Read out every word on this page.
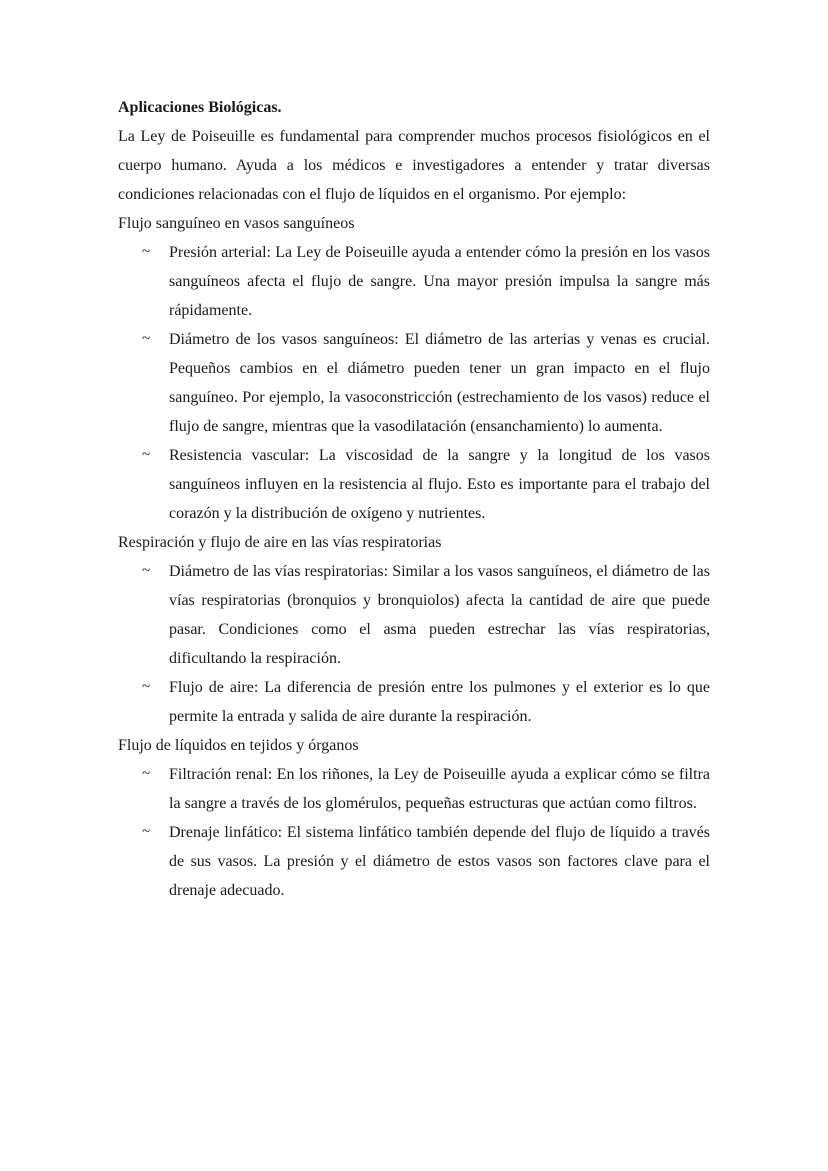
Aplicaciones Biológicas.

La Ley de Poiseuille es fundamental para comprender muchos procesos fisiológicos en el cuerpo humano. Ayuda a los médicos e investigadores a entender y tratar diversas condiciones relacionadas con el flujo de líquidos en el organismo. Por ejemplo:

Flujo sanguíneo en vasos sanguíneos

~ Presión arterial: La Ley de Poiseuille ayuda a entender cómo la presión en los vasos sanguíneos afecta el flujo de sangre. Una mayor presión impulsa la sangre más rápidamente.
~ Diámetro de los vasos sanguíneos: El diámetro de las arterias y venas es crucial. Pequeños cambios en el diámetro pueden tener un gran impacto en el flujo sanguíneo. Por ejemplo, la vasoconstricción (estrechamiento de los vasos) reduce el flujo de sangre, mientras que la vasodilatación (ensanchamiento) lo aumenta.
~ Resistencia vascular: La viscosidad de la sangre y la longitud de los vasos sanguíneos influyen en la resistencia al flujo. Esto es importante para el trabajo del corazón y la distribución de oxígeno y nutrientes.

Respiración y flujo de aire en las vías respiratorias

~ Diámetro de las vías respiratorias: Similar a los vasos sanguíneos, el diámetro de las vías respiratorias (bronquios y bronquiolos) afecta la cantidad de aire que puede pasar. Condiciones como el asma pueden estrechar las vías respiratorias, dificultando la respiración.
~ Flujo de aire: La diferencia de presión entre los pulmones y el exterior es lo que permite la entrada y salida de aire durante la respiración.

Flujo de líquidos en tejidos y órganos

~ Filtración renal: En los riñones, la Ley de Poiseuille ayuda a explicar cómo se filtra la sangre a través de los glomérulos, pequeñas estructuras que actúan como filtros.
~ Drenaje linfático: El sistema linfático también depende del flujo de líquido a través de sus vasos. La presión y el diámetro de estos vasos son factores clave para el drenaje adecuado.
